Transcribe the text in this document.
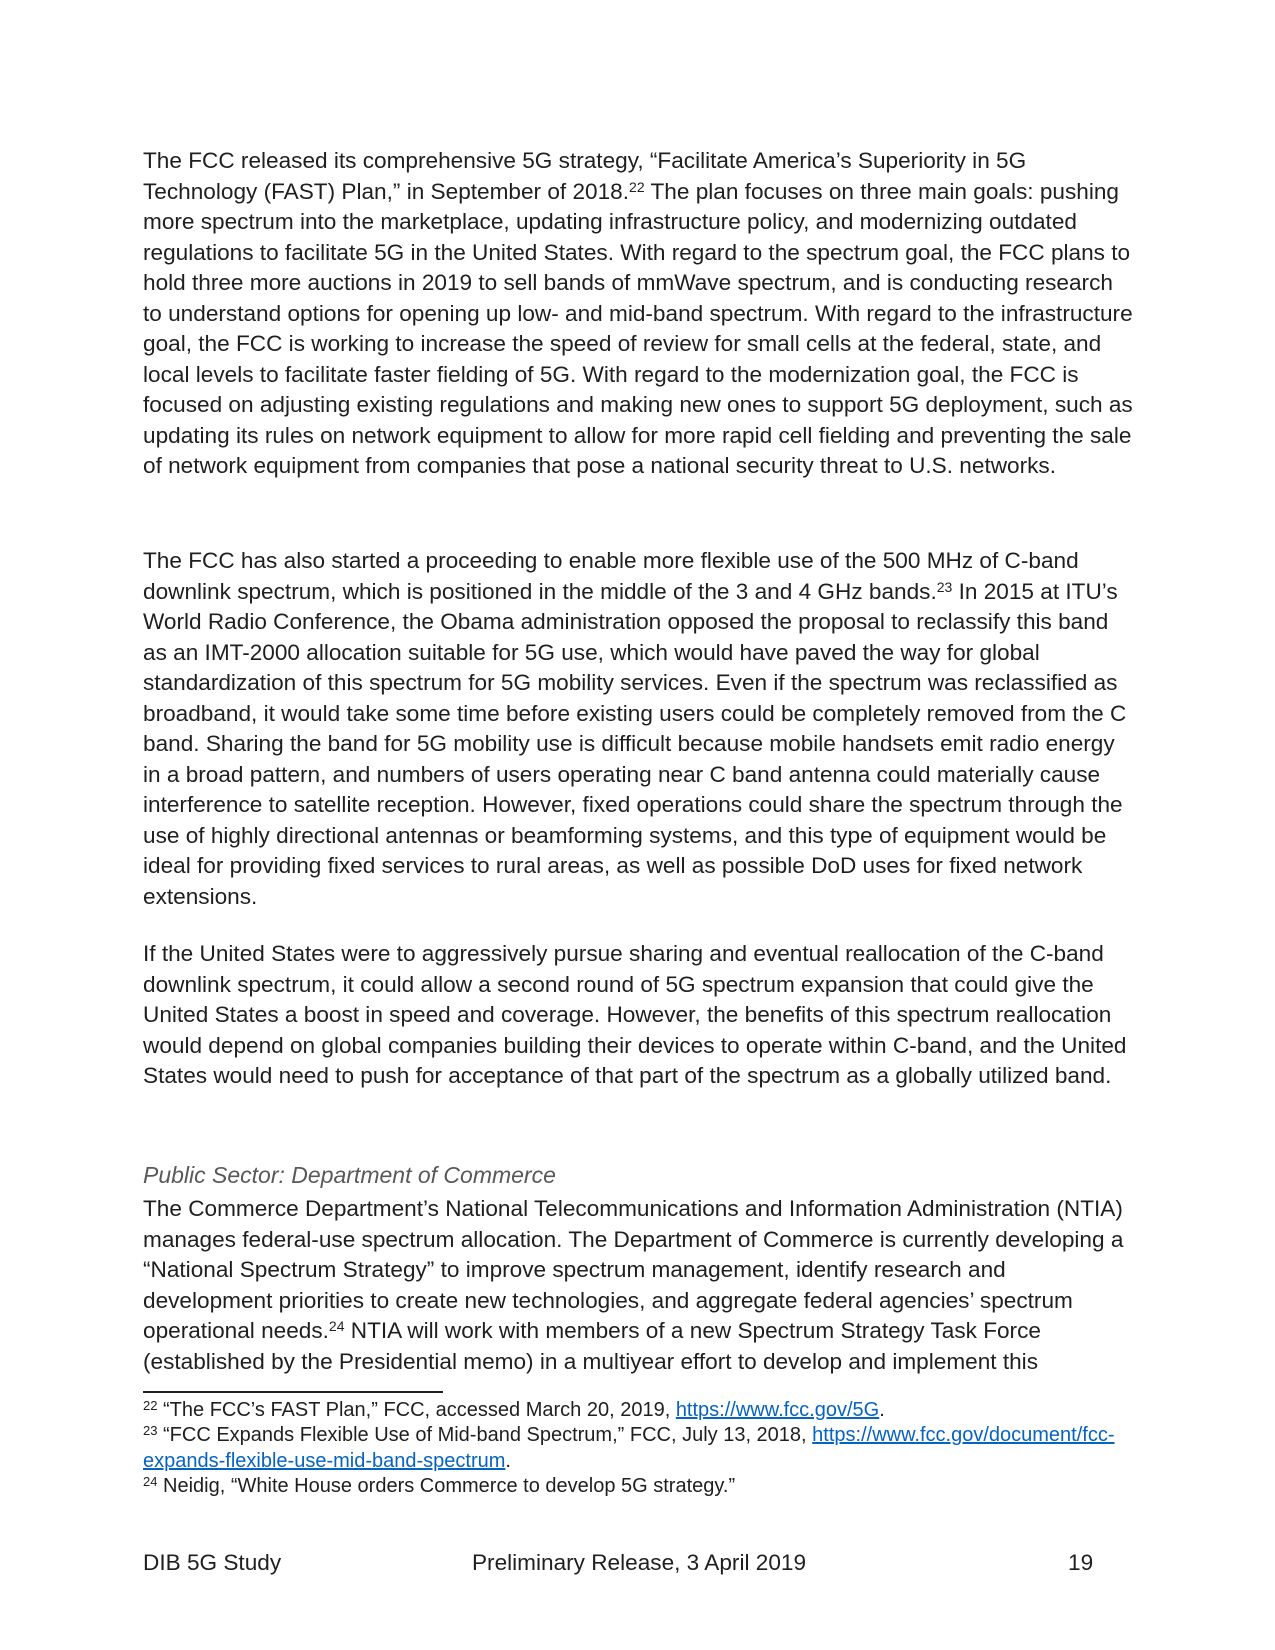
The FCC released its comprehensive 5G strategy, “Facilitate America’s Superiority in 5G Technology (FAST) Plan,” in September of 2018.22 The plan focuses on three main goals: pushing more spectrum into the marketplace, updating infrastructure policy, and modernizing outdated regulations to facilitate 5G in the United States. With regard to the spectrum goal, the FCC plans to hold three more auctions in 2019 to sell bands of mmWave spectrum, and is conducting research to understand options for opening up low- and mid-band spectrum. With regard to the infrastructure goal, the FCC is working to increase the speed of review for small cells at the federal, state, and local levels to facilitate faster fielding of 5G. With regard to the modernization goal, the FCC is focused on adjusting existing regulations and making new ones to support 5G deployment, such as updating its rules on network equipment to allow for more rapid cell fielding and preventing the sale of network equipment from companies that pose a national security threat to U.S. networks.

The FCC has also started a proceeding to enable more flexible use of the 500 MHz of C-band downlink spectrum, which is positioned in the middle of the 3 and 4 GHz bands.$^{23}$ In 2015 at ITU’s World Radio Conference, the Obama administration opposed the proposal to reclassify this band as an IMT-2000 allocation suitable for 5G use, which would have paved the way for global standardization of this spectrum for 5G mobility services. Even if the spectrum was reclassified as broadband, it would take some time before existing users could be completely removed from the C band. Sharing the band for 5G mobility use is difficult because mobile handsets emit radio energy in a broad pattern, and numbers of users operating near C band antenna could materially cause interference to satellite reception. However, fixed operations could share the spectrum through the use of highly directional antennas or beamforming systems, and this type of equipment would be ideal for providing fixed services to rural areas, as well as possible DoD uses for fixed network extensions.

If the United States were to aggressively pursue sharing and eventual reallocation of the C-band downlink spectrum, it could allow a second round of 5G spectrum expansion that could give the United States a boost in speed and coverage. However, the benefits of this spectrum reallocation would depend on global companies building their devices to operate within C-band, and the United States would need to push for acceptance of that part of the spectrum as a globally utilized band.

Public Sector: Department of Commerce

The Commerce Department’s National Telecommunications and Information Administration (NTIA) manages federal-use spectrum allocation. The Department of Commerce is currently developing a “National Spectrum Strategy” to improve spectrum management, identify research and development priorities to create new technologies, and aggregate federal agencies’ spectrum operational needs.$^{24}$ NTIA will work with members of a new Spectrum Strategy Task Force (established by the Presidential memo) in a multiyear effort to develop and implement this

$^{22}$ “The FCC’s FAST Plan,” FCC, accessed March 20, 2019, https://www.fcc.gov/5G.

$^{23}$ “FCC Expands Flexible Use of Mid-band Spectrum,” FCC, July 13, 2018, https://www.fcc.gov/document/fcc-expands-flexible-use-mid-band-spectrum.

$^{24}$ Neidig, “White House orders Commerce to develop 5G strategy.”

DIB 5G Study	Preliminary Release, 3 April 2019	19
